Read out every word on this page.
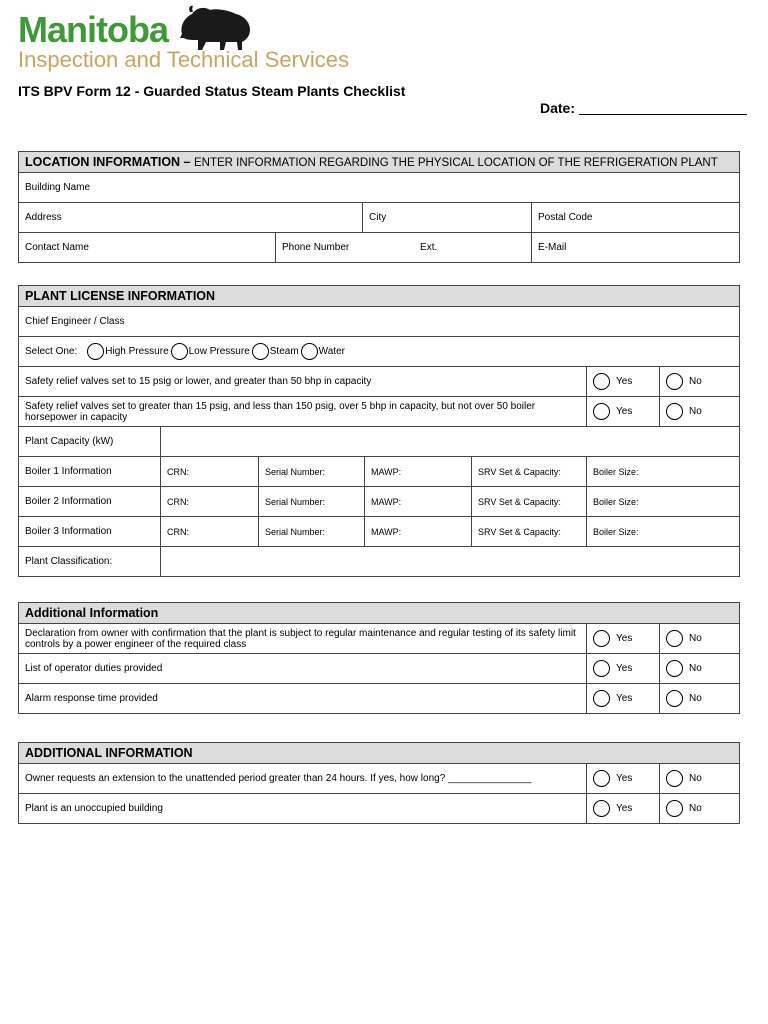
Manitoba
Inspection and Technical Services
ITS BPV Form 12 - Guarded Status Steam Plants Checklist
Date:
LOCATION INFORMATION – ENTER INFORMATION REGARDING THE PHYSICAL LOCATION OF THE REFRIGERATION PLANT			
Building Name			
Address		City	Postal Code
Contact Name	Phone Number Ext.		E-Mail
PLANT LICENSE INFORMATION						
Chief Engineer / Class						

Select One: High Pressure Low Pressure Steam Water						

Safety relief valves set to 15 psig or lower, and greater than 50 bhp in capacity					Yes	No

Safety relief valves set to greater than 15 psig, and less than 150 psig, over 5 bhp in capacity, but not over 50 boiler horsepower in capacity					Yes	No

Plant Capacity (kW)						
Boiler 1 Information	CRN:	Serial Number:	MAWP:	SRV Set & Capacity:	Boiler Size:	
Boiler 2 Information	CRN:	Serial Number:	MAWP:	SRV Set & Capacity:	Boiler Size:	
Boiler 3 Information	CRN:	Serial Number:	MAWP:	SRV Set & Capacity:	Boiler Size:	
Plant Classification:						
Additional Information		
Declaration from owner with confirmation that the plant is subject to regular maintenance and regular testing of its safety limit controls by a power engineer of the required class	Yes	No

List of operator duties provided	Yes	No

Alarm response time provided	Yes	No
ADDITIONAL INFORMATION		
Owner requests an extension to the unattended period greater than 24 hours. If yes, how long? _______________	Yes	No

Plant is an unoccupied building	Yes	No
